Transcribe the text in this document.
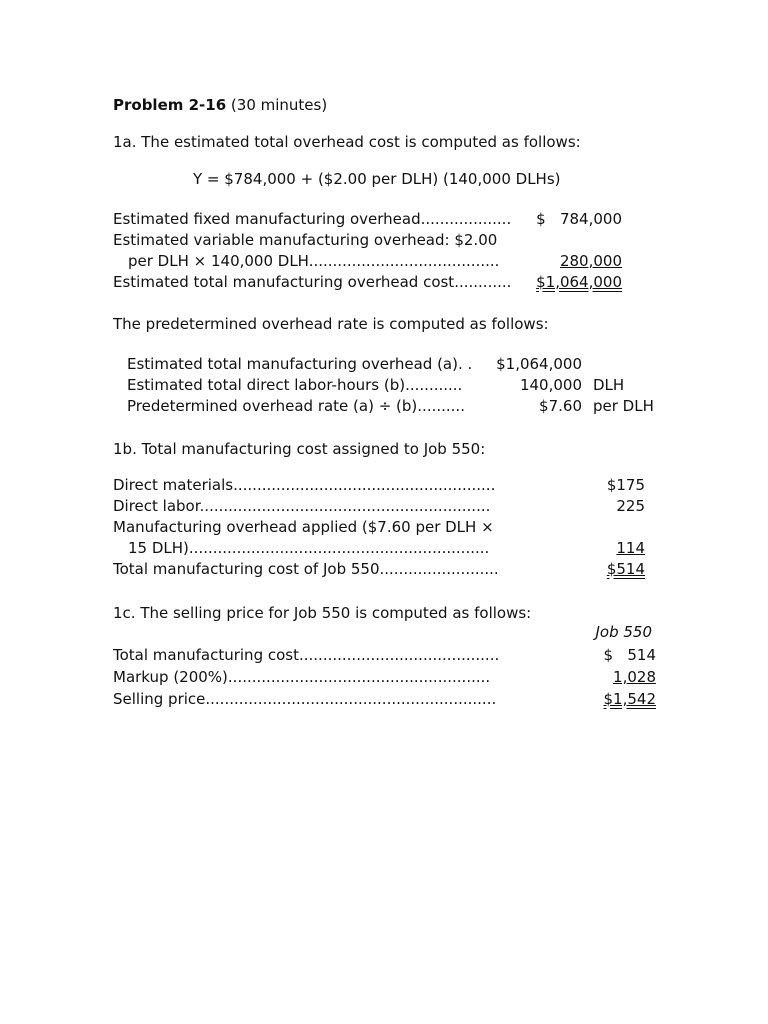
Problem 2-16 (30 minutes)
1a. The estimated total overhead cost is computed as follows:
Y = $784,000 + ($2.00 per DLH) (140,000 DLHs)
Estimated fixed manufacturing overhead................... $   784,000
Estimated variable manufacturing overhead: $2.00
per DLH × 140,000 DLH........................................	280,000
Estimated total manufacturing overhead cost............ $1,064,000
The predetermined overhead rate is computed as follows:
Estimated total manufacturing overhead (a). . $1,064,000
Estimated total direct labor-hours (b)............	140,000 DLH
Predetermined overhead rate (a) ÷ (b)..........	$7.60 per DLH
1b. Total manufacturing cost assigned to Job 550:
Direct materials.......................................................	$175
Direct labor.............................................................	225
Manufacturing overhead applied ($7.60 per DLH ×
15 DLH)...............................................................	114
Total manufacturing cost of Job 550.........................	$514
1c. The selling price for Job 550 is computed as follows:
Job 550
Total manufacturing cost..........................................	$   514
Markup (200%).......................................................	1,028
Selling price.............................................................	$1,542
